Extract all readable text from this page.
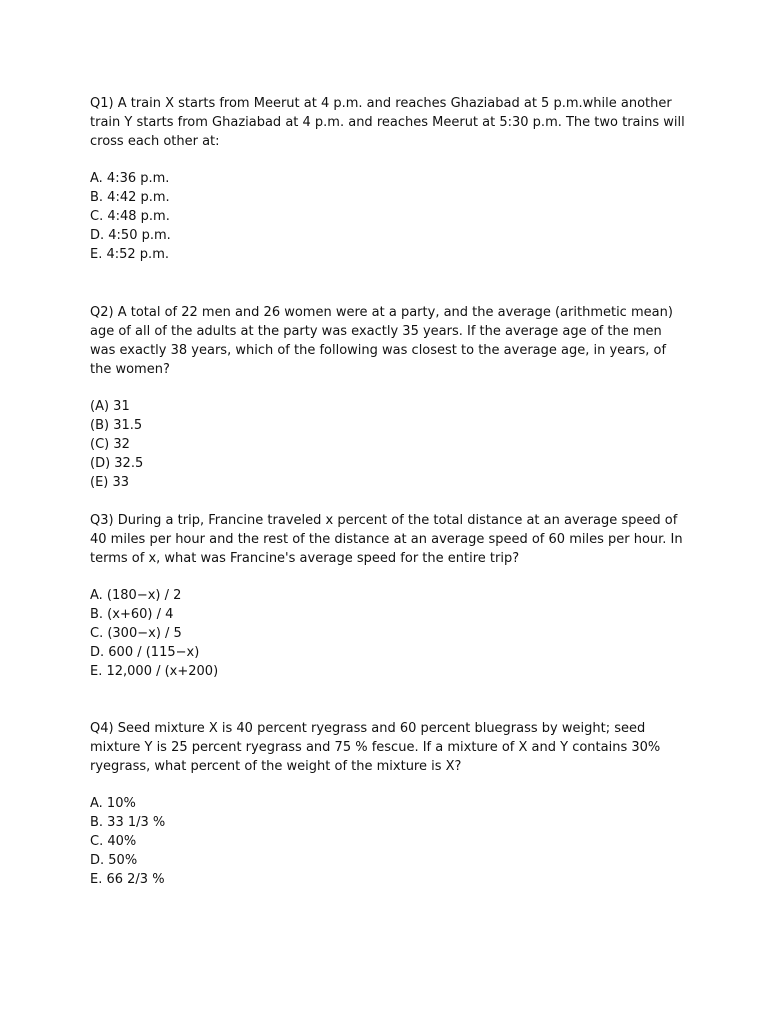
Q1) A train X starts from Meerut at 4 p.m. and reaches Ghaziabad at 5 p.m.while another train Y starts from Ghaziabad at 4 p.m. and reaches Meerut at 5:30 p.m. The two trains will cross each other at:

A. 4:36 p.m.
B. 4:42 p.m.
C. 4:48 p.m.
D. 4:50 p.m.
E. 4:52 p.m.

Q2) A total of 22 men and 26 women were at a party, and the average (arithmetic mean) age of all of the adults at the party was exactly 35 years. If the average age of the men was exactly 38 years, which of the following was closest to the average age, in years, of the women?

(A) 31
(B) 31.5
(C) 32
(D) 32.5
(E) 33

Q3) During a trip, Francine traveled x percent of the total distance at an average speed of 40 miles per hour and the rest of the distance at an average speed of 60 miles per hour. In terms of x, what was Francine's average speed for the entire trip?

A. (180−x) / 2
B. (x+60) / 4
C. (300−x) / 5
D. 600 / (115−x)
E. 12,000 / (x+200)

Q4) Seed mixture X is 40 percent ryegrass and 60 percent bluegrass by weight; seed mixture Y is 25 percent ryegrass and 75 % fescue. If a mixture of X and Y contains 30% ryegrass, what percent of the weight of the mixture is X?

A. 10%
B. 33 1/3 %
C. 40%
D. 50%
E. 66 2/3 %
